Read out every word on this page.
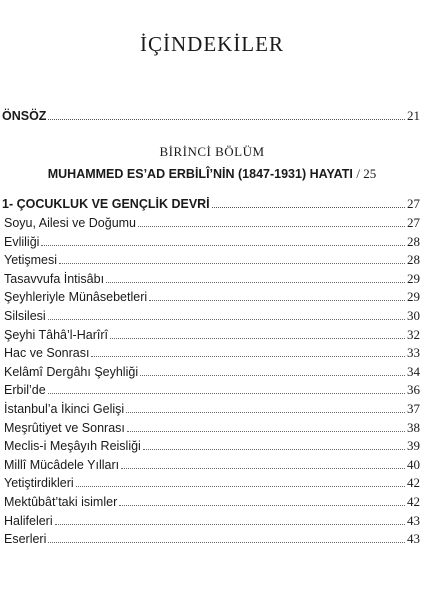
İÇİNDEKİLER
ÖNSÖZ	21
BİRİNCİ BÖLÜM
MUHAMMED ES’AD ERBİLÎ’NİN (1847-1931) HAYATI / 25
1- ÇOCUKLUK VE GENÇLİK DEVRİ	27
Soyu, Ailesi ve Doğumu	27
Evliliği	28
Yetişmesi	28
Tasavvufa İntisâbı	29
Şeyhleriyle Münâsebetleri	29
Silsilesi	30
Şeyhi Tâhâ’l-Harîrî	32
Hac ve Sonrası	33
Kelâmî Dergâhı Şeyhliği	34
Erbil’de	36
İstanbul’a İkinci Gelişi	37
Meşrûtiyet ve Sonrası	38
Meclis-i Meşâyıh Reisliği	39
Millî Mücâdele Yılları	40
Yetiştirdikleri	42
Mektûbât’taki isimler	42
Halifeleri	43
Eserleri	43
